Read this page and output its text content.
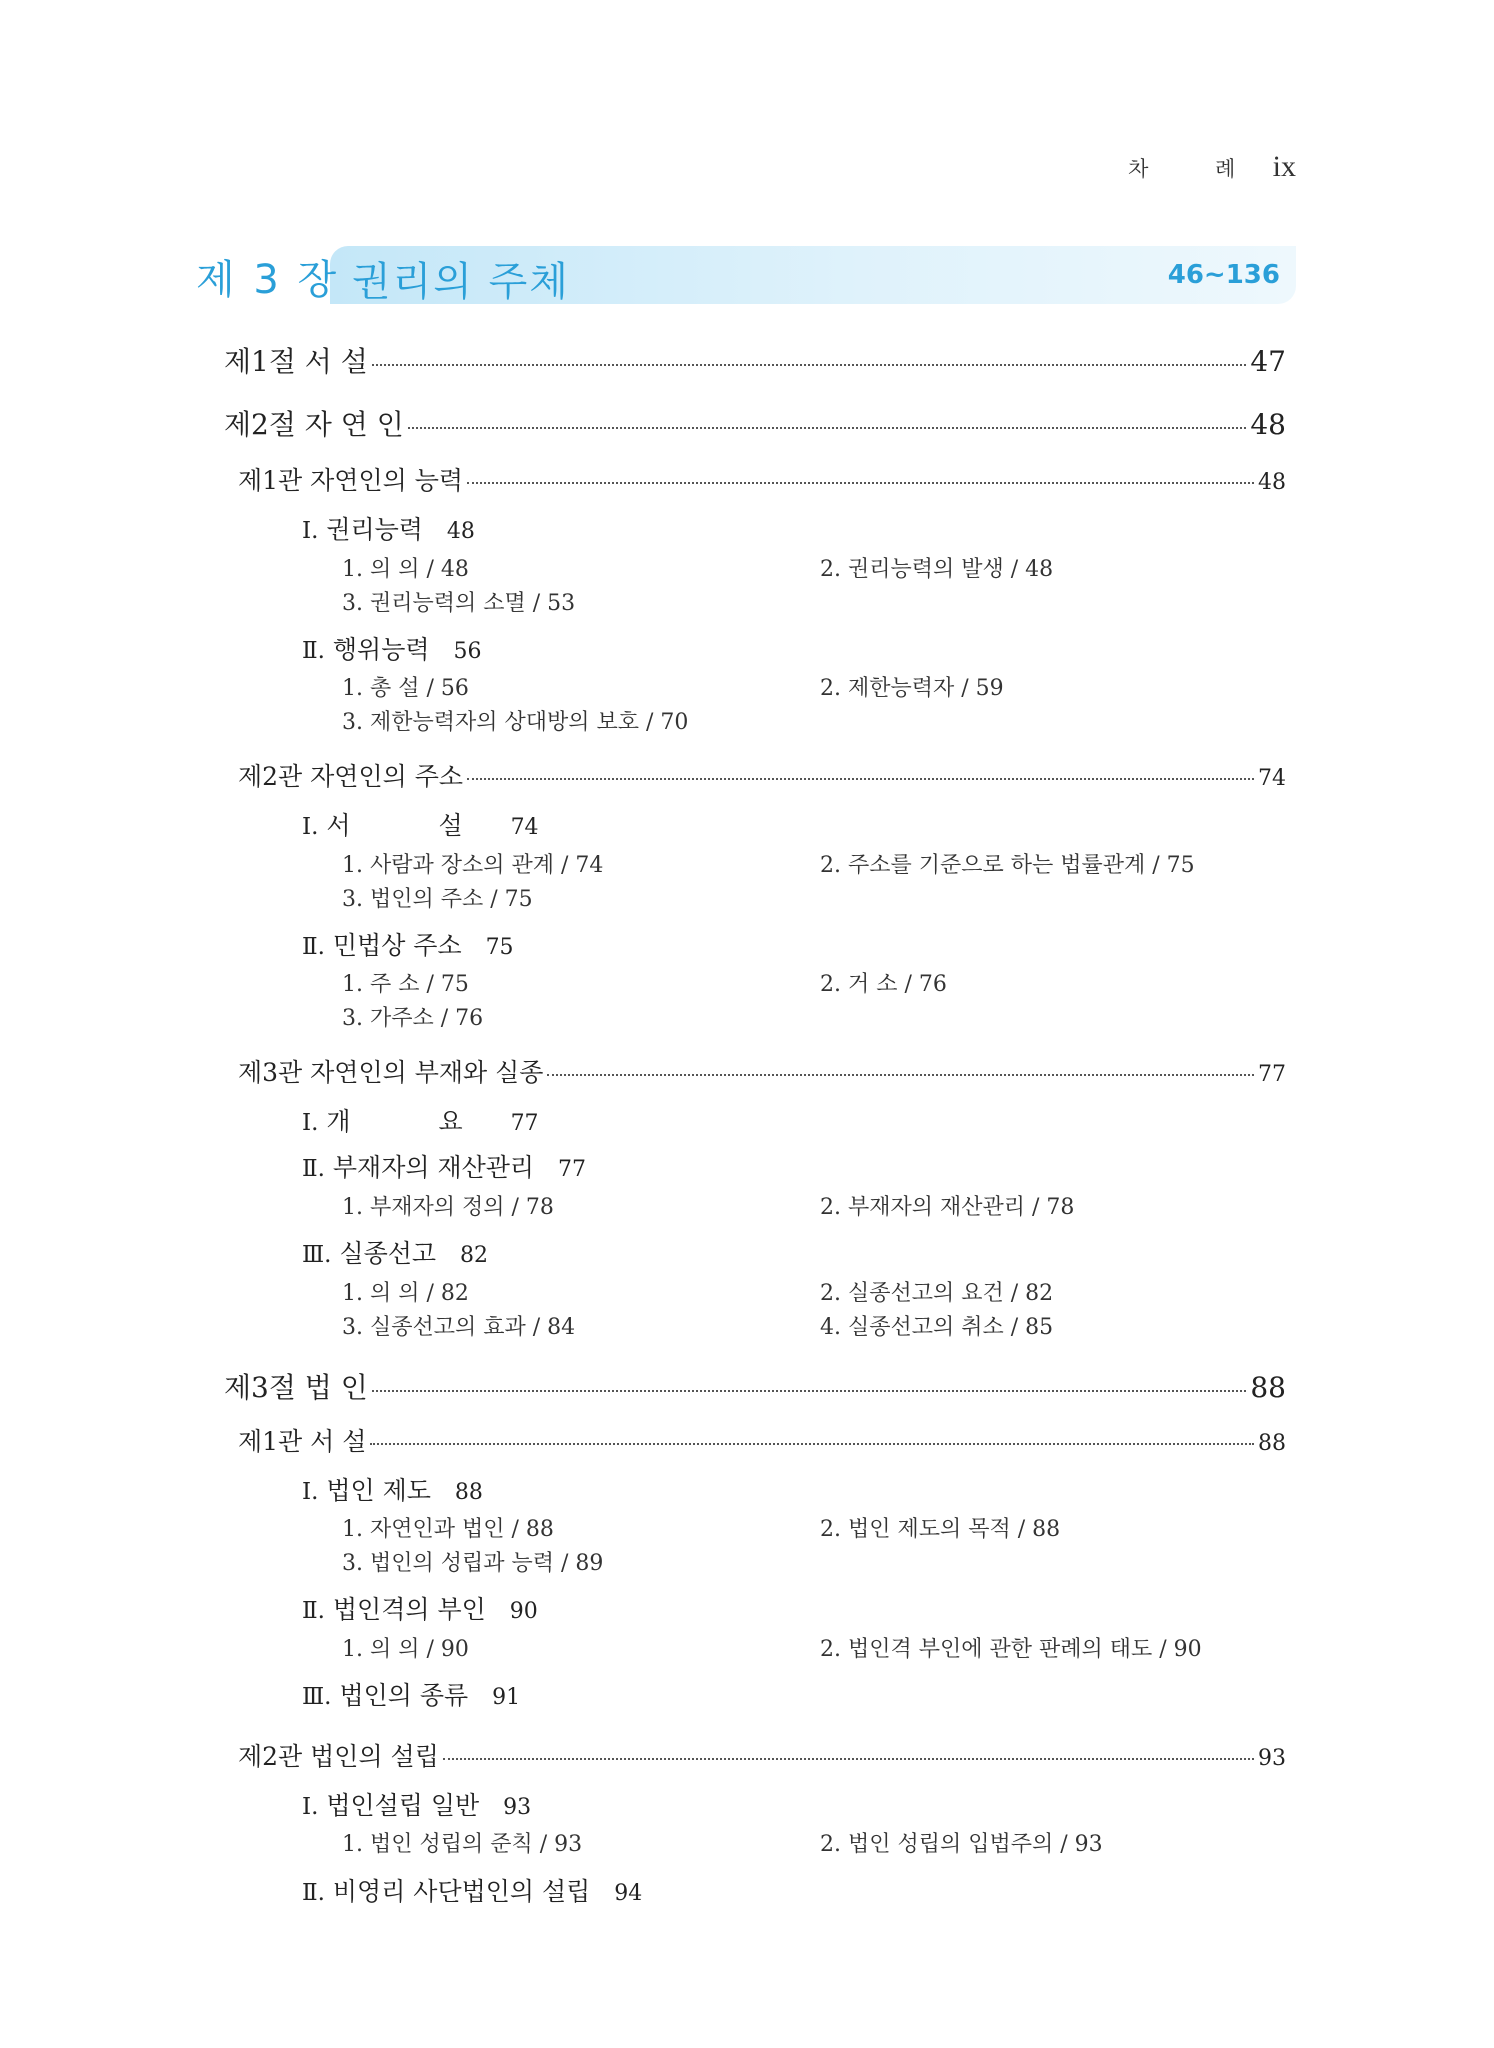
차 례 ix
제 3 장 권리의 주체	46~136
제1절 서 설	47
제2절 자 연 인	48
제1관 자연인의 능력	48
Ⅰ. 권리능력 48
1. 의 의 / 48	2. 권리능력의 발생 / 48
3. 권리능력의 소멸 / 53
Ⅱ. 행위능력 56
1. 총 설 / 56	2. 제한능력자 / 59
3. 제한능력자의 상대방의 보호 / 70
제2관 자연인의 주소	74
Ⅰ. 서 설 74
1. 사람과 장소의 관계 / 74	2. 주소를 기준으로 하는 법률관계 / 75
3. 법인의 주소 / 75
Ⅱ. 민법상 주소 75
1. 주 소 / 75	2. 거 소 / 76
3. 가주소 / 76
제3관 자연인의 부재와 실종	77
Ⅰ. 개 요 77
Ⅱ. 부재자의 재산관리 77
1. 부재자의 정의 / 78	2. 부재자의 재산관리 / 78
Ⅲ. 실종선고 82
1. 의 의 / 82	2. 실종선고의 요건 / 82
3. 실종선고의 효과 / 84	4. 실종선고의 취소 / 85
제3절 법 인	88
제1관 서 설	88
Ⅰ. 법인 제도 88
1. 자연인과 법인 / 88	2. 법인 제도의 목적 / 88
3. 법인의 성립과 능력 / 89
Ⅱ. 법인격의 부인 90
1. 의 의 / 90	2. 법인격 부인에 관한 판례의 태도 / 90
Ⅲ. 법인의 종류 91
제2관 법인의 설립	93
Ⅰ. 법인설립 일반 93
1. 법인 성립의 준칙 / 93	2. 법인 성립의 입법주의 / 93
Ⅱ. 비영리 사단법인의 설립 94
